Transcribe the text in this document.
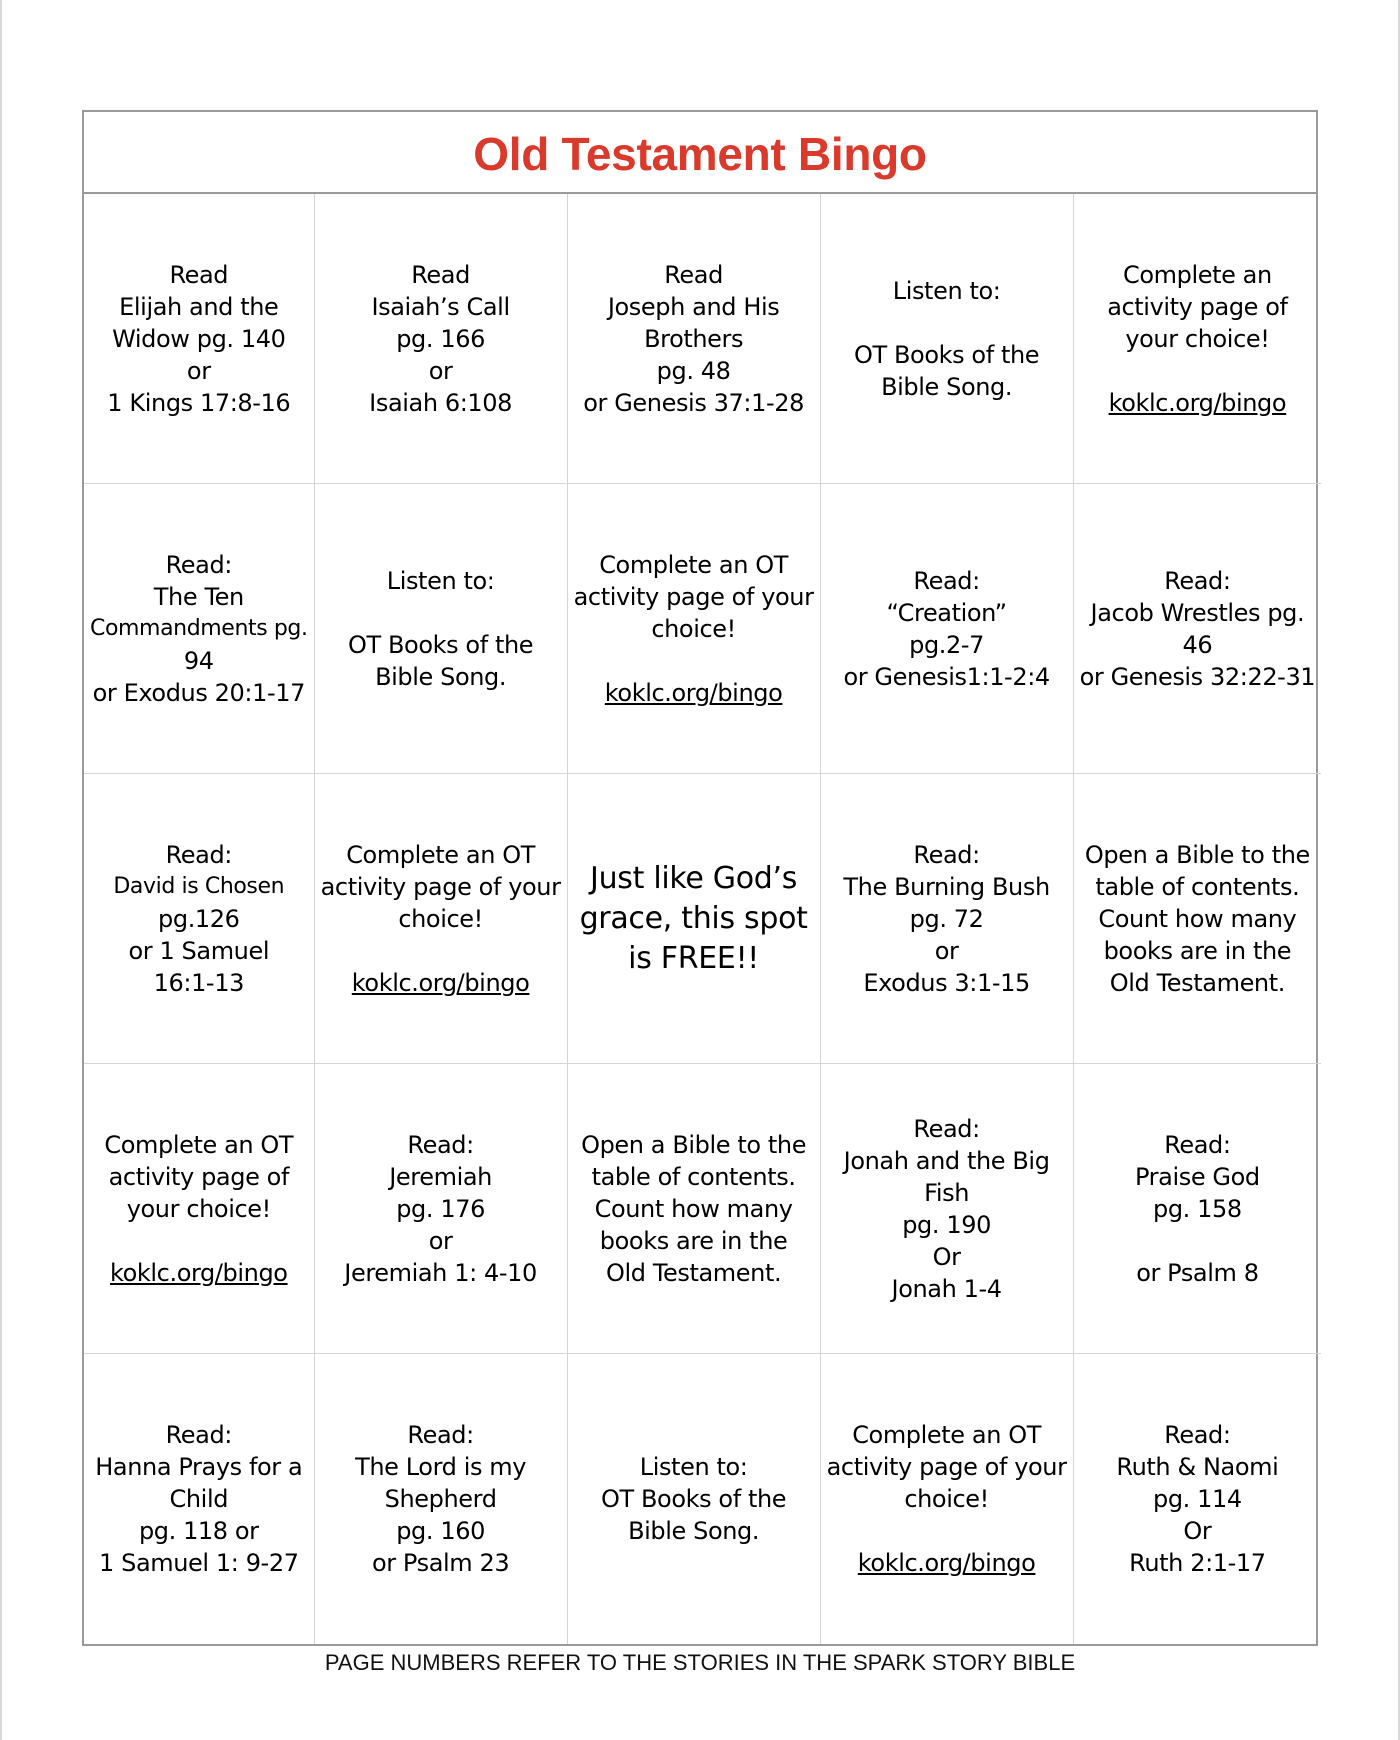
Old Testament Bingo
Read
Elijah and the
Widow pg. 140
or
1 Kings 17:8-16
Read
Isaiah’s Call
pg. 166
or
Isaiah 6:108
Read
Joseph and His
Brothers
pg. 48
or Genesis 37:1-28
Listen to:
OT Books of the
Bible Song.
Complete an
activity page of
your choice!
koklc.org/bingo
Read:
The Ten
Commandments pg.
94
or Exodus 20:1-17
Listen to:
OT Books of the
Bible Song.
Complete an OT
activity page of your
choice!
koklc.org/bingo
Read:
“Creation”
pg.2-7
or Genesis1:1-2:4
Read:
Jacob Wrestles pg.
46
or Genesis 32:22-31
Read:
David is Chosen
pg.126
or 1 Samuel
16:1-13
Complete an OT
activity page of your
choice!
koklc.org/bingo
Just like God’s
grace, this spot
is FREE!!
Read:
The Burning Bush
pg. 72
or
Exodus 3:1-15
Open a Bible to the
table of contents.
Count how many
books are in the
Old Testament.
Complete an OT
activity page of
your choice!
koklc.org/bingo
Read:
Jeremiah
pg. 176
or
Jeremiah 1: 4-10
Open a Bible to the
table of contents.
Count how many
books are in the
Old Testament.
Read:
Jonah and the Big
Fish
pg. 190
Or
Jonah 1-4
Read:
Praise God
pg. 158
or Psalm 8
Read:
Hanna Prays for a
Child
pg. 118 or
1 Samuel 1: 9-27
Read:
The Lord is my
Shepherd
pg. 160
or Psalm 23
Listen to:
OT Books of the
Bible Song.
Complete an OT
activity page of your
choice!
koklc.org/bingo
Read:
Ruth & Naomi
pg. 114
Or
Ruth 2:1-17
PAGE NUMBERS REFER TO THE STORIES IN THE SPARK STORY BIBLE
